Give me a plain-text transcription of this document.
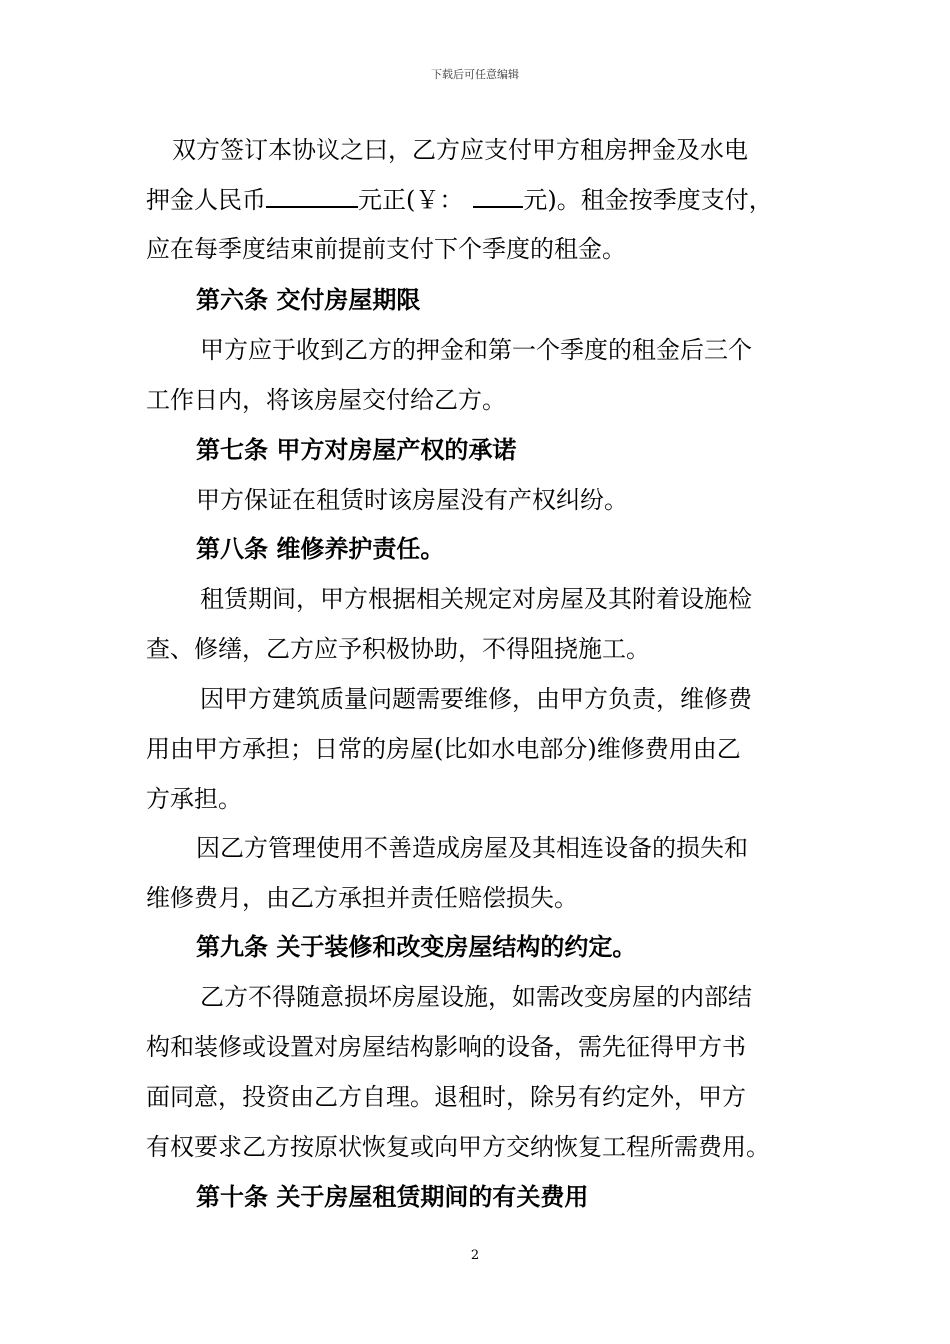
下载后可任意编辑
双方签订本协议之曰，乙方应支付甲方租房押金及水电
押金人民币	元正(￥：	元)。租金按季度支付，
应在每季度结束前提前支付下个季度的租金。
第六条 交付房屋期限
甲方应于收到乙方的押金和第一个季度的租金后三个
工作日内，将该房屋交付给乙方。
第七条 甲方对房屋产权的承诺
甲方保证在租赁时该房屋没有产权纠纷。
第八条 维修养护责任。
租赁期间，甲方根据相关规定对房屋及其附着设施检
查、修缮，乙方应予积极协助，不得阻挠施工。
因甲方建筑质量问题需要维修，由甲方负责，维修费
用由甲方承担；日常的房屋(比如水电部分)维修费用由乙
方承担。
因乙方管理使用不善造成房屋及其相连设备的损失和
维修费月，由乙方承担并责任赔偿损失。
第九条 关于装修和改变房屋结构的约定。
乙方不得随意损坏房屋设施，如需改变房屋的内部结
构和装修或设置对房屋结构影响的设备，需先征得甲方书
面同意，投资由乙方自理。退租时，除另有约定外，甲方
有权要求乙方按原状恢复或向甲方交纳恢复工程所需费用。
第十条 关于房屋租赁期间的有关费用
2
